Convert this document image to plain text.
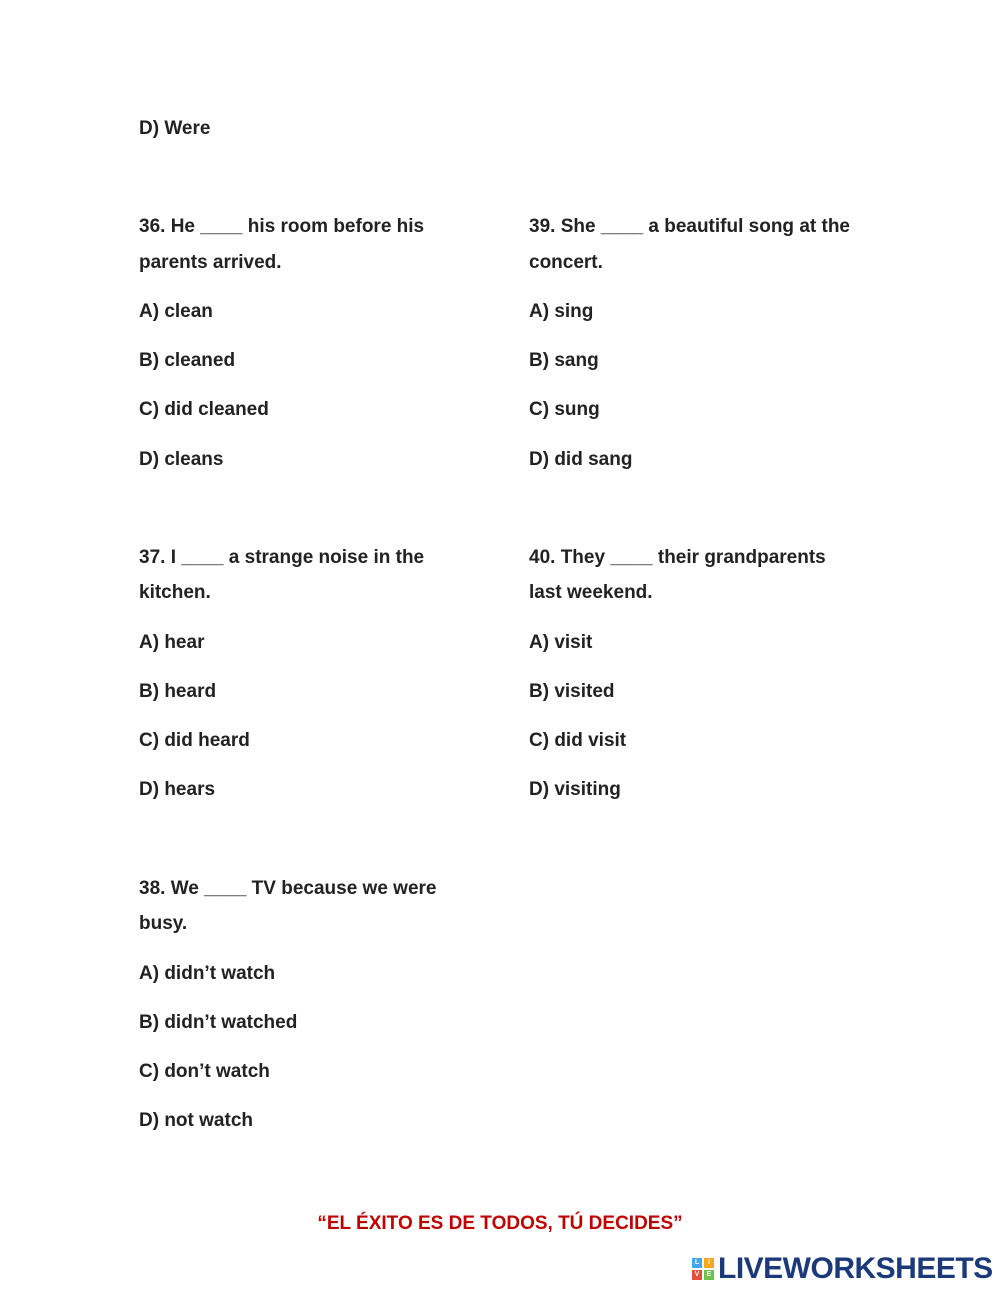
D) Were
36. He ____ his room before his
parents arrived.
A) clean
B) cleaned
C) did cleaned
D) cleans
39. She ____ a beautiful song at the
concert.
A) sing
B) sang
C) sung
D) did sang
37. I ____ a strange noise in the
kitchen.
A) hear
B) heard
C) did heard
D) hears
40. They ____ their grandparents
last weekend.
A) visit
B) visited
C) did visit
D) visiting
38. We ____ TV because we were
busy.
A) didn’t watch
B) didn’t watched
C) don’t watch
D) not watch
“EL ÉXITO ES DE TODOS, TÚ DECIDES”
L	I
V	E LIVEWORKSHEETS
